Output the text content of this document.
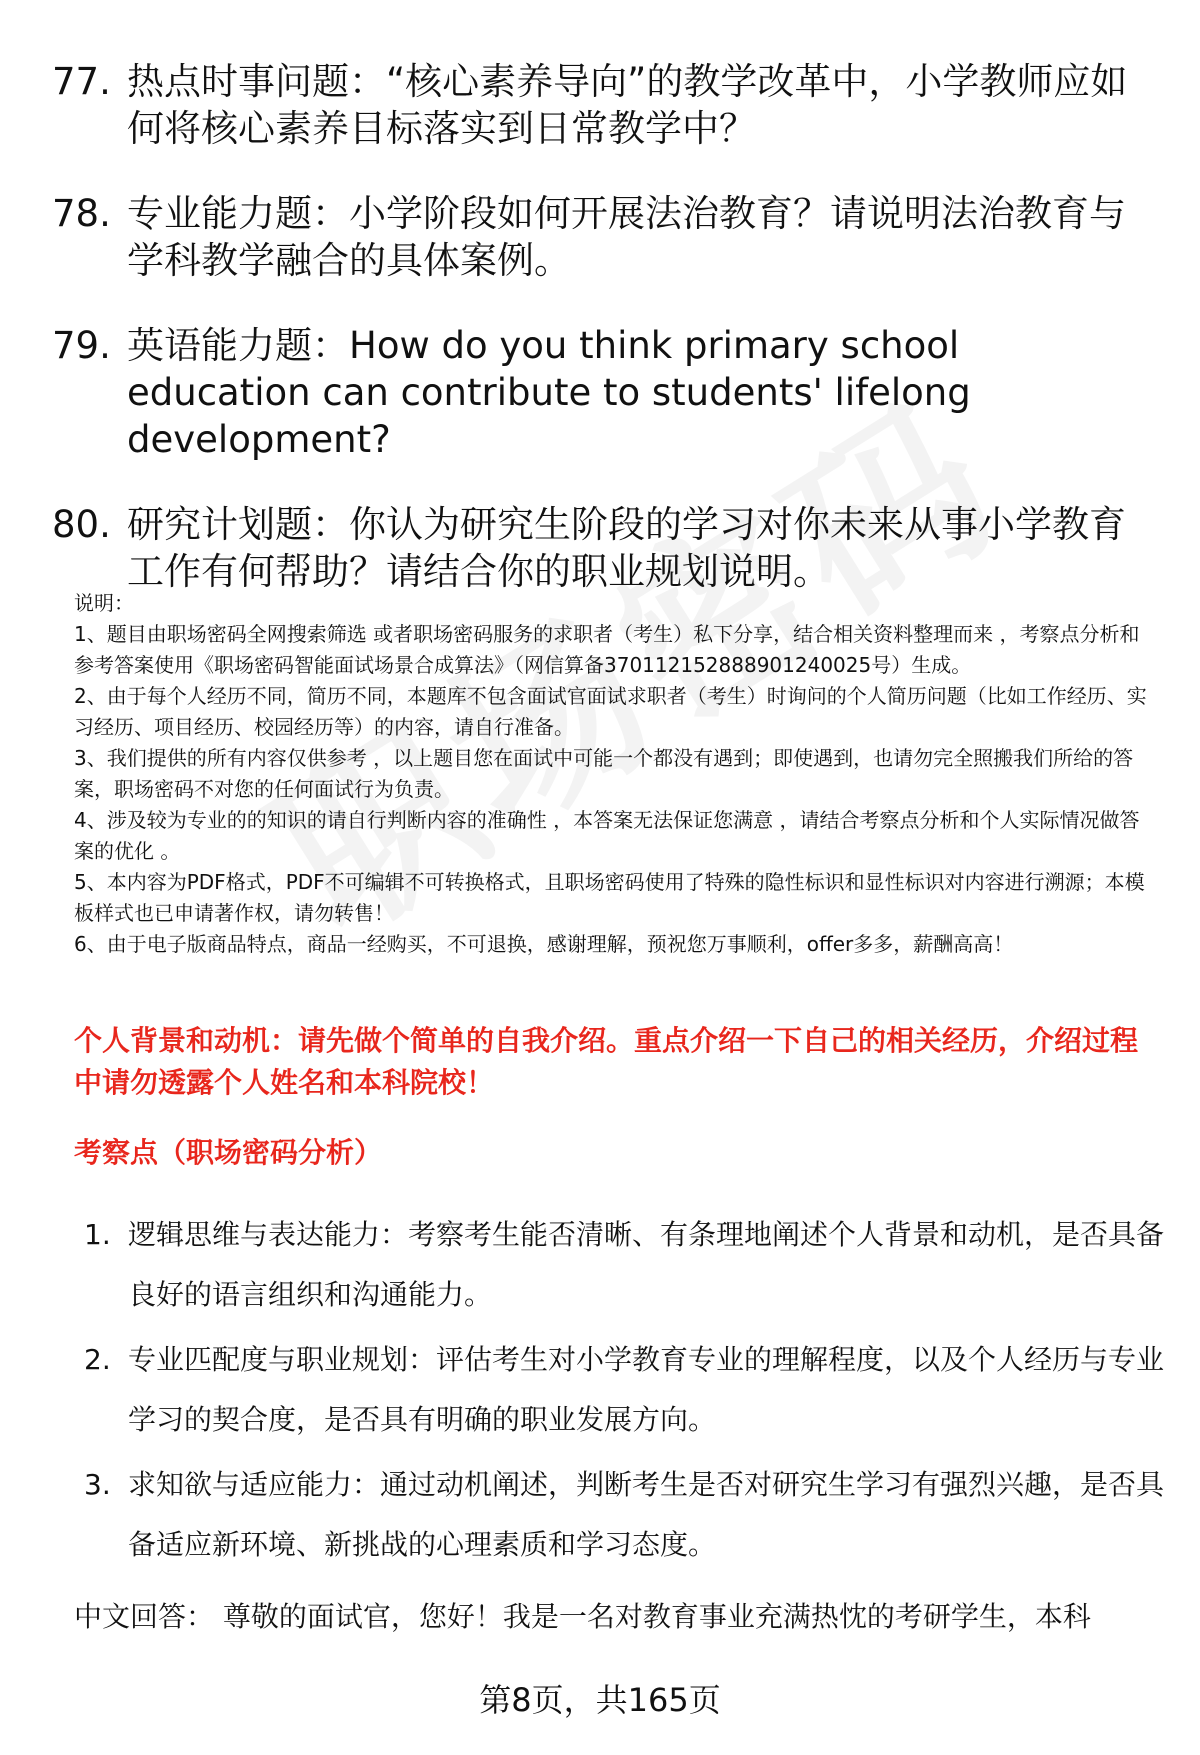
77. 热点时事问题：“核心素养导向”的教学改革中，小学教师应如何将核心素养目标落实到日常教学中？
78. 专业能力题：小学阶段如何开展法治教育？请说明法治教育与学科教学融合的具体案例。
79. 英语能力题：How do you think primary school education can contribute to students' lifelong development?
80. 研究计划题：你认为研究生阶段的学习对你未来从事小学教育工作有何帮助？请结合你的职业规划说明。

说明：

1、题目由职场密码全网搜索筛选 或者职场密码服务的求职者（考生）私下分享，结合相关资料整理而来 ，考察点分析和参考答案使用《职场密码智能面试场景合成算法》（网信算备370112152888901240025号）生成。

2、由于每个人经历不同，简历不同，本题库不包含面试官面试求职者（考生）时询问的个人简历问题（比如工作经历、实习经历、项目经历、校园经历等）的内容，请自行准备。

3、我们提供的所有内容仅供参考 ，以上题目您在面试中可能一个都没有遇到；即使遇到，也请勿完全照搬我们所给的答案，职场密码不对您的任何面试行为负责。

4、涉及较为专业的的知识的请自行判断内容的准确性 ，本答案无法保证您满意 ，请结合考察点分析和个人实际情况做答案的优化 。

5、本内容为PDF格式，PDF不可编辑不可转换格式，且职场密码使用了特殊的隐性标识和显性标识对内容进行溯源；本模板样式也已申请著作权，请勿转售！

6、由于电子版商品特点，商品一经购买，不可退换，感谢理解，预祝您万事顺利，offer多多，薪酬高高！

个人背景和动机：请先做个简单的自我介绍。重点介绍一下自己的相关经历，介绍过程中请勿透露个人姓名和本科院校！
考察点（职场密码分析）
1. 逻辑思维与表达能力：考察考生能否清晰、有条理地阐述个人背景和动机，是否具备良好的语言组织和沟通能力。
2. 专业匹配度与职业规划：评估考生对小学教育专业的理解程度，以及个人经历与专业学习的契合度，是否具有明确的职业发展方向。
3. 求知欲与适应能力：通过动机阐述，判断考生是否对研究生学习有强烈兴趣，是否具备适应新环境、新挑战的心理素质和学习态度。
中文回答： 尊敬的面试官，您好！我是一名对教育事业充满热忱的考研学生，本科
第8页，共165页
